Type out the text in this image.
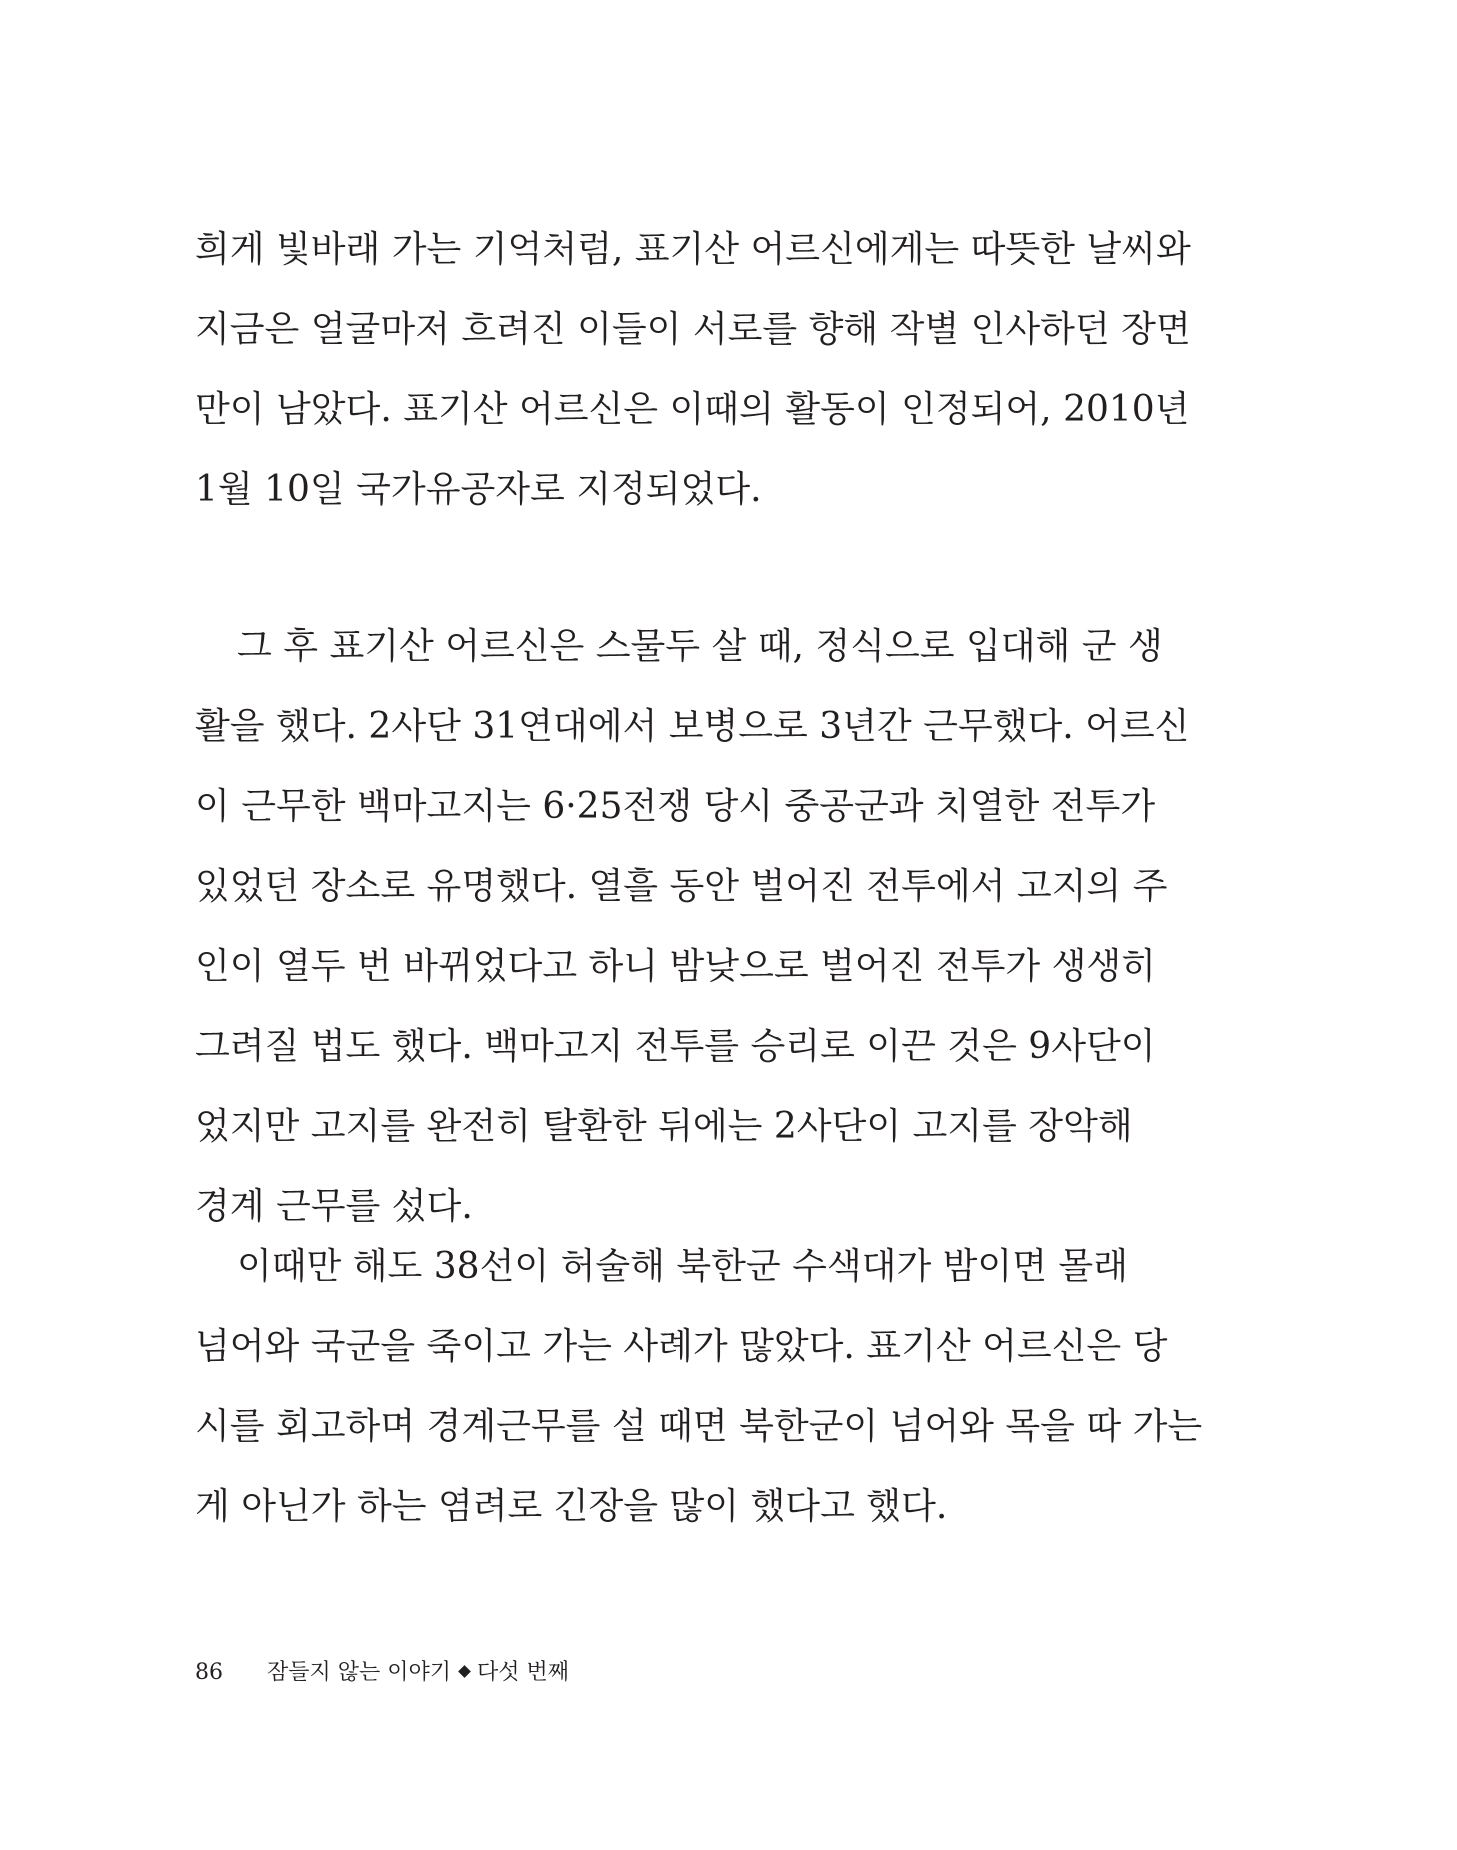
희게 빛바래 가는 기억처럼, 표기산 어르신에게는 따뜻한 날씨와
지금은 얼굴마저 흐려진 이들이 서로를 향해 작별 인사하던 장면
만이 남았다. 표기산 어르신은 이때의 활동이 인정되어, 2010년
1월 10일 국가유공자로 지정되었다.
그 후 표기산 어르신은 스물두 살 때, 정식으로 입대해 군 생
활을 했다. 2사단 31연대에서 보병으로 3년간 근무했다. 어르신
이 근무한 백마고지는 6·25전쟁 당시 중공군과 치열한 전투가
있었던 장소로 유명했다. 열흘 동안 벌어진 전투에서 고지의 주
인이 열두 번 바뀌었다고 하니 밤낮으로 벌어진 전투가 생생히
그려질 법도 했다. 백마고지 전투를 승리로 이끈 것은 9사단이
었지만 고지를 완전히 탈환한 뒤에는 2사단이 고지를 장악해
경계 근무를 섰다.
이때만 해도 38선이 허술해 북한군 수색대가 밤이면 몰래
넘어와 국군을 죽이고 가는 사례가 많았다. 표기산 어르신은 당
시를 회고하며 경계근무를 설 때면 북한군이 넘어와 목을 따 가는
게 아닌가 하는 염려로 긴장을 많이 했다고 했다.
86 잠들지 않는 이야기 다섯 번째
